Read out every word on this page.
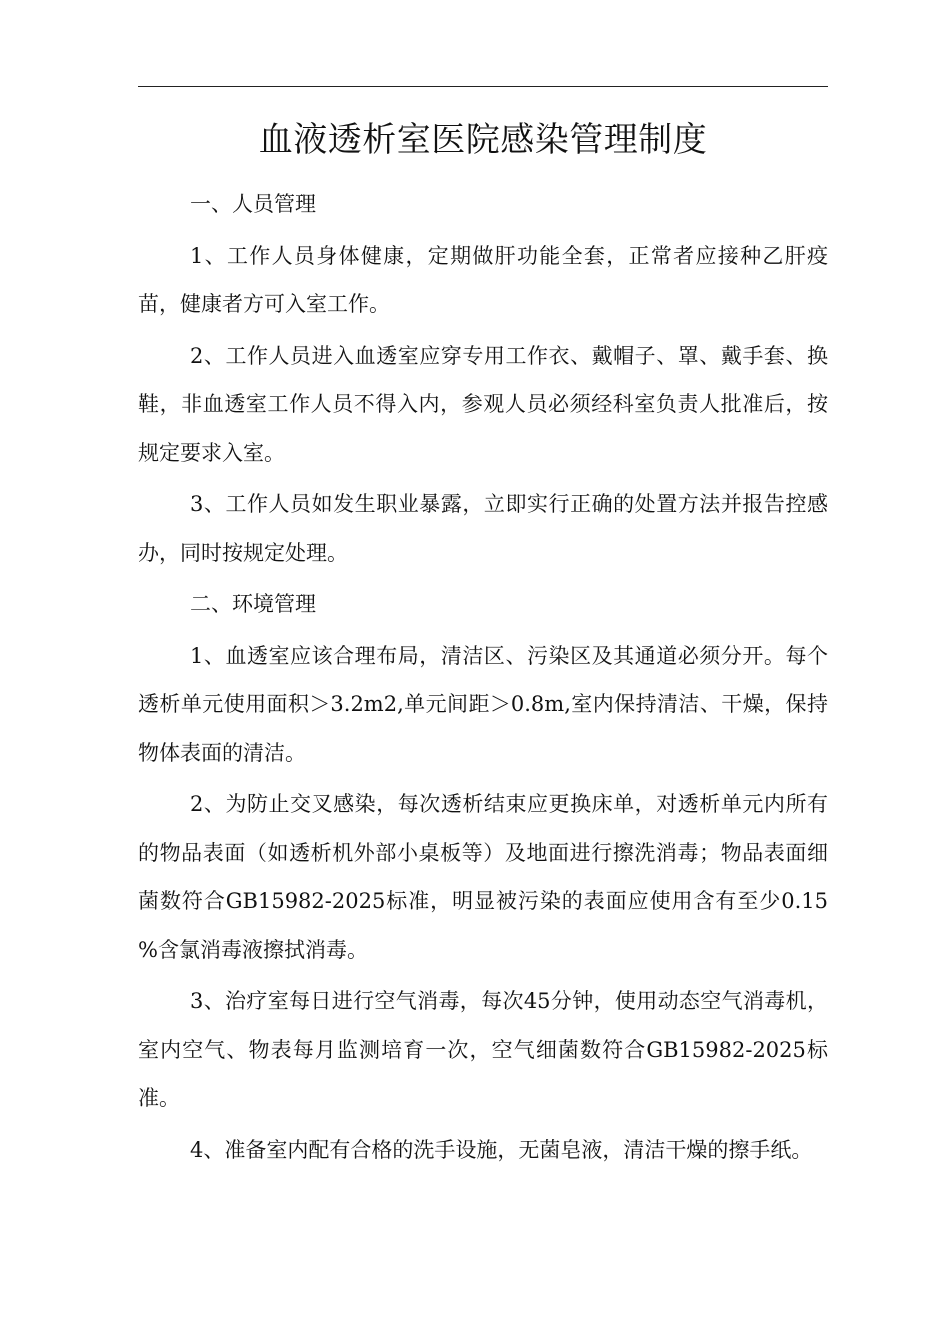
血液透析室医院感染管理制度

一、人员管理

1、工作人员身体健康，定期做肝功能全套，正常者应接种乙肝疫苗，健康者方可入室工作。

2、工作人员进入血透室应穿专用工作衣、戴帽子、罩、戴手套、换鞋，非血透室工作人员不得入内，参观人员必须经科室负责人批准后，按规定要求入室。

3、工作人员如发生职业暴露，立即实行正确的处置方法并报告控感办，同时按规定处理。

二、环境管理

1、血透室应该合理布局，清洁区、污染区及其通道必须分开。每个透析单元使用面积＞3.2m2,单元间距＞0.8m,室内保持清洁、干燥，保持物体表面的清洁。

2、为防止交叉感染，每次透析结束应更换床单，对透析单元内所有的物品表面（如透析机外部小桌板等）及地面进行擦洗消毒；物品表面细菌数符合GB15982-2025标准，明显被污染的表面应使用含有至少0.15 %含氯消毒液擦拭消毒。

3、治疗室每日进行空气消毒，每次45分钟，使用动态空气消毒机，室内空气、物表每月监测培育一次，空气细菌数符合GB15982-2025标准。

4、准备室内配有合格的洗手设施，无菌皂液，清洁干燥的擦手纸。
